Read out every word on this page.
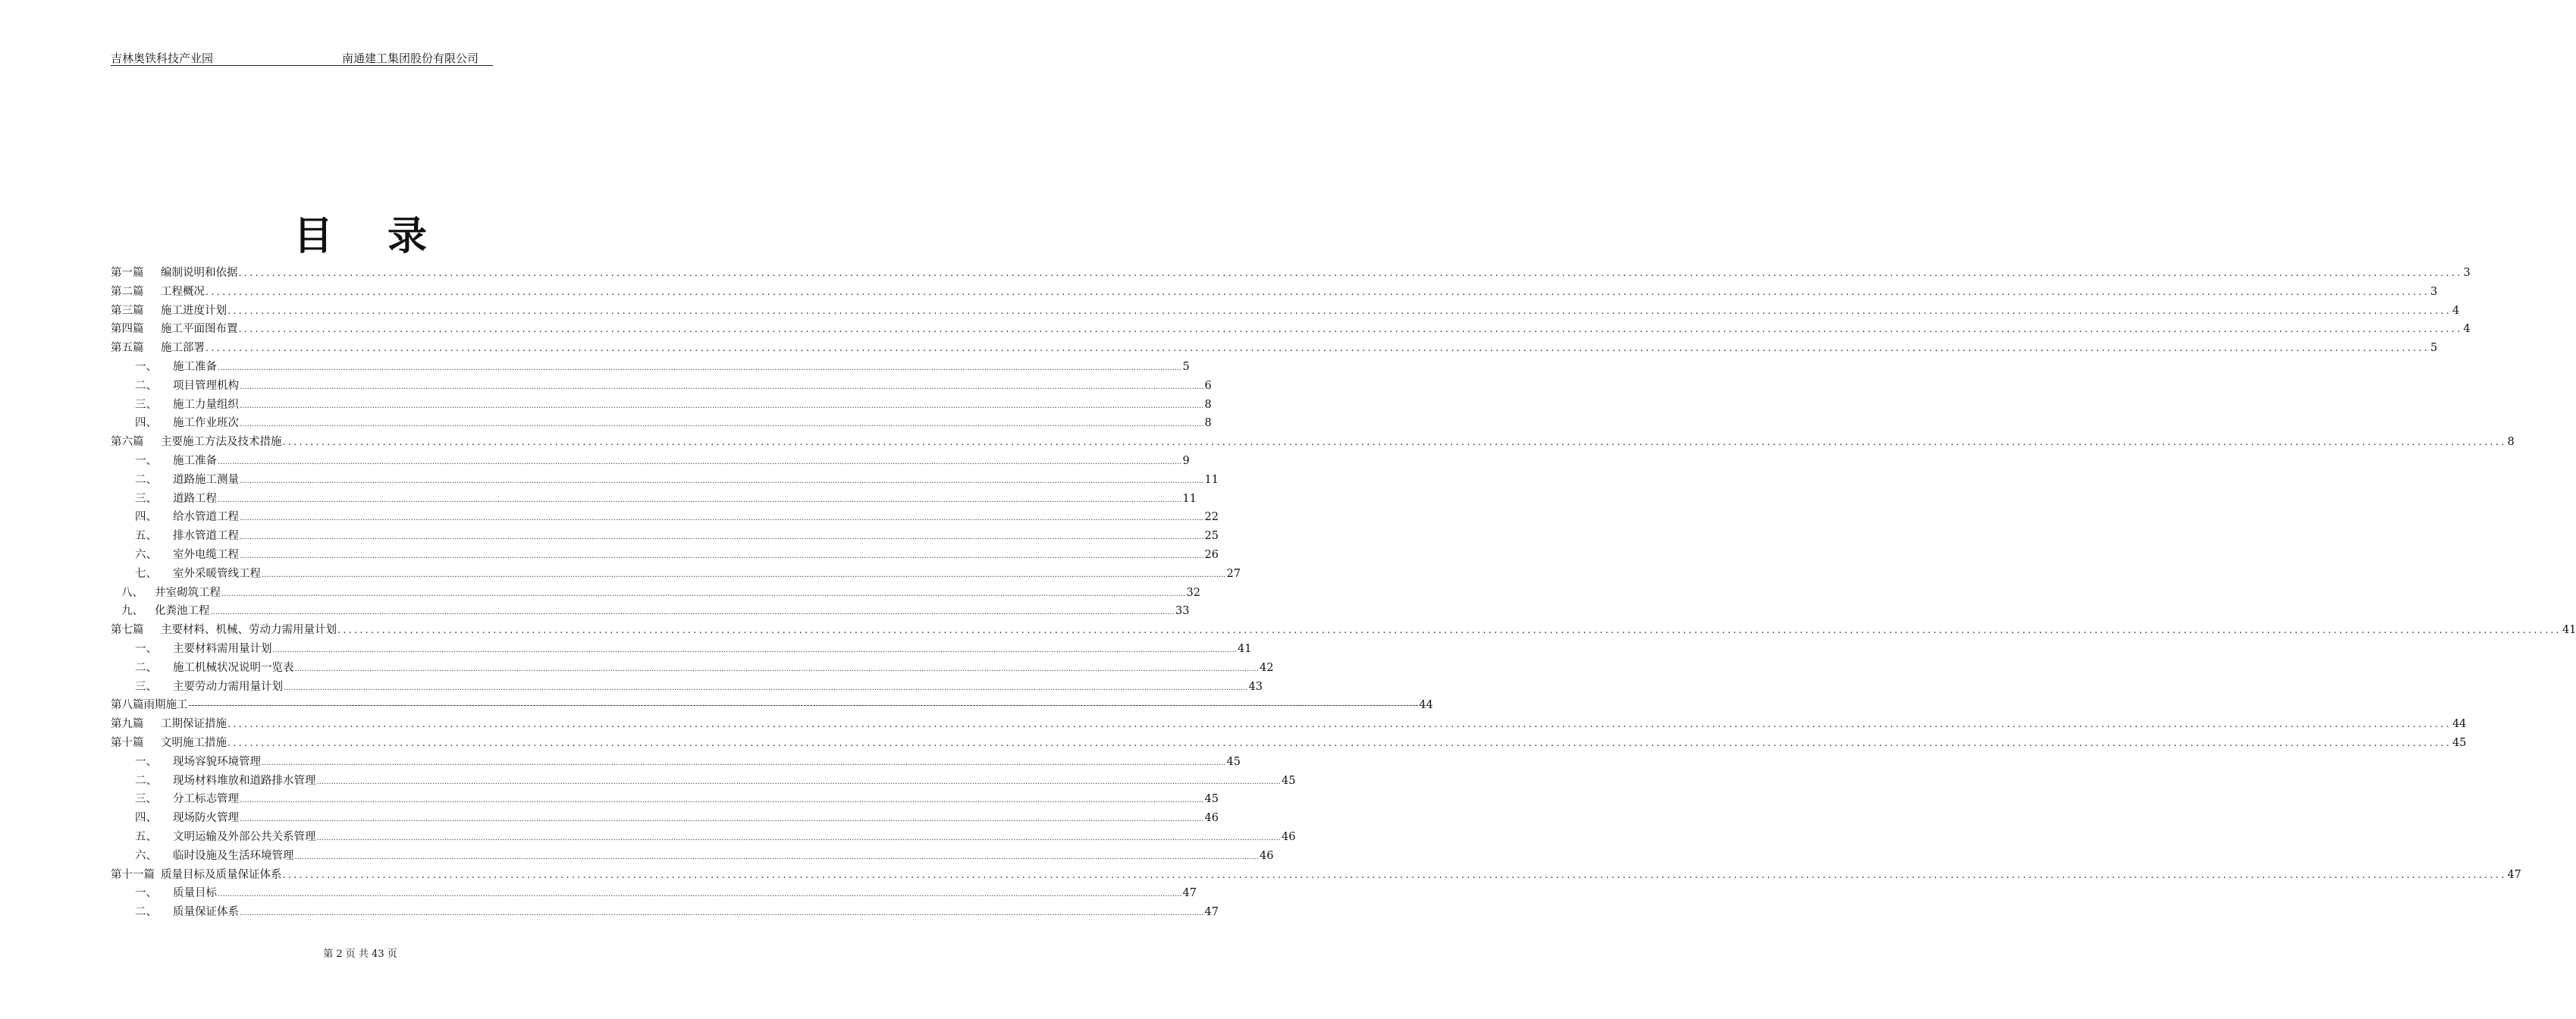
吉林奥铁科技产业园	南通建工集团股份有限公司
目 录
第一篇	编制说明和依据 ................................................................................................................................................................................................................................................................................................................................................................................................................ 3
第二篇	工程概况 ................................................................................................................................................................................................................................................................................................................................................................................................................ 3
第三篇	施工进度计划 ................................................................................................................................................................................................................................................................................................................................................................................................................ 4
第四篇	施工平面图布置 ................................................................................................................................................................................................................................................................................................................................................................................................................ 4
第五篇	施工部署 ................................................................................................................................................................................................................................................................................................................................................................................................................ 5
一、	施工准备 ................................................................................................................................................................................................................................................................................................................................................................................................................ 5
二、	项目管理机构 ................................................................................................................................................................................................................................................................................................................................................................................................................ 6
三、	施工力量组织 ................................................................................................................................................................................................................................................................................................................................................................................................................ 8
四、	施工作业班次 ................................................................................................................................................................................................................................................................................................................................................................................................................ 8
第六篇	主要施工方法及技术措施 ................................................................................................................................................................................................................................................................................................................................................................................................................ 8
一、	施工准备 ................................................................................................................................................................................................................................................................................................................................................................................................................ 9
二、	道路施工测量 ................................................................................................................................................................................................................................................................................................................................................................................................................ 11
三、	道路工程 ................................................................................................................................................................................................................................................................................................................................................................................................................ 11
四、	给水管道工程 ................................................................................................................................................................................................................................................................................................................................................................................................................ 22
五、	排水管道工程 ................................................................................................................................................................................................................................................................................................................................................................................................................ 25
六、	室外电缆工程 ................................................................................................................................................................................................................................................................................................................................................................................................................ 26
七、	室外采暖管线工程 ................................................................................................................................................................................................................................................................................................................................................................................................................ 27
八、	井室砌筑工程 ................................................................................................................................................................................................................................................................................................................................................................................................................ 32
九、	化粪池工程 ................................................................................................................................................................................................................................................................................................................................................................................................................ 33
第七篇	主要材料、机械、劳动力需用量计划 ................................................................................................................................................................................................................................................................................................................................................................................................................ 41
一、	主要材料需用量计划 ................................................................................................................................................................................................................................................................................................................................................................................................................ 41
二、	施工机械状况说明一览表 ................................................................................................................................................................................................................................................................................................................................................................................................................ 42
三、	主要劳动力需用量计划 ................................................................................................................................................................................................................................................................................................................................................................................................................ 43
第八篇 雨期施工 ---------------------------------------------------------------------------------------------------------------------------------------------------------------------------------------------------------------------------------------------------------------------------------------------------------------------------------------------------------------------------------------------------------------- 44
第九篇	工期保证措施 ................................................................................................................................................................................................................................................................................................................................................................................................................ 44
第十篇	文明施工措施 ................................................................................................................................................................................................................................................................................................................................................................................................................ 45
一、	现场容貌环境管理 ................................................................................................................................................................................................................................................................................................................................................................................................................ 45
二、	现场材料堆放和道路排水管理 ................................................................................................................................................................................................................................................................................................................................................................................................................ 45
三、	分工标志管理 ................................................................................................................................................................................................................................................................................................................................................................................................................ 45
四、	现场防火管理 ................................................................................................................................................................................................................................................................................................................................................................................................................ 46
五、	文明运输及外部公共关系管理 ................................................................................................................................................................................................................................................................................................................................................................................................................ 46
六、	临时设施及生活环境管理 ................................................................................................................................................................................................................................................................................................................................................................................................................ 46
第十一篇 质量目标及质量保证体系 ................................................................................................................................................................................................................................................................................................................................................................................................................ 47
一、	质量目标 ................................................................................................................................................................................................................................................................................................................................................................................................................ 47
二、	质量保证体系 ................................................................................................................................................................................................................................................................................................................................................................................................................ 47
第 2 页 共 43 页
